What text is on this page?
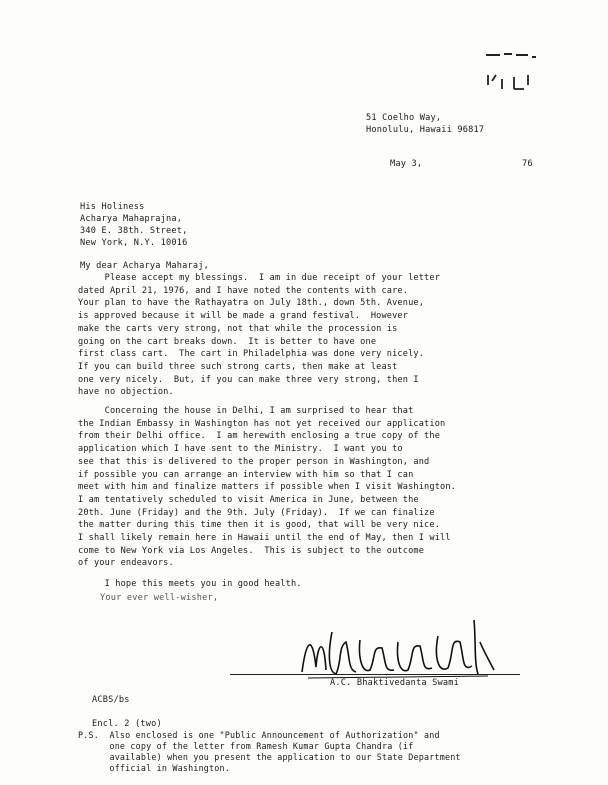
51 Coelho Way,
Honolulu, Hawaii 96817
May 3,	76
His Holiness
Acharya Mahaprajna,
340 E. 38th. Street,
New York, N.Y. 10016
My dear Acharya Maharaj,
Please accept my blessings.  I am in due receipt of your letter
dated April 21, 1976, and I have noted the contents with care.
Your plan to have the Rathayatra on July 18th., down 5th. Avenue,
is approved because it will be made a grand festival.  However
make the carts very strong, not that while the procession is
going on the cart breaks down.  It is better to have one
first class cart.  The cart in Philadelphia was done very nicely.
If you can build three such strong carts, then make at least
one very nicely.  But, if you can make three very strong, then I
have no objection.
Concerning the house in Delhi, I am surprised to hear that
the Indian Embassy in Washington has not yet received our application
from their Delhi office.  I am herewith enclosing a true copy of the
application which I have sent to the Ministry.  I want you to
see that this is delivered to the proper person in Washington, and
if possible you can arrange an interview with him so that I can
meet with him and finalize matters if possible when I visit Washington.
I am tentatively scheduled to visit America in June, between the
20th. June (Friday) and the 9th. July (Friday).  If we can finalize
the matter during this time then it is good, that will be very nice.
I shall likely remain here in Hawaii until the end of May, then I will
come to New York via Los Angeles.  This is subject to the outcome
of your endeavors.
I hope this meets you in good health.
Your ever well-wisher,
A.C. Bhaktivedanta Swami
ACBS/bs
Encl. 2 (two)
P.S.  Also enclosed is one "Public Announcement of Authorization" and
one copy of the letter from Ramesh Kumar Gupta Chandra (if
available) when you present the application to our State Department
official in Washington.
